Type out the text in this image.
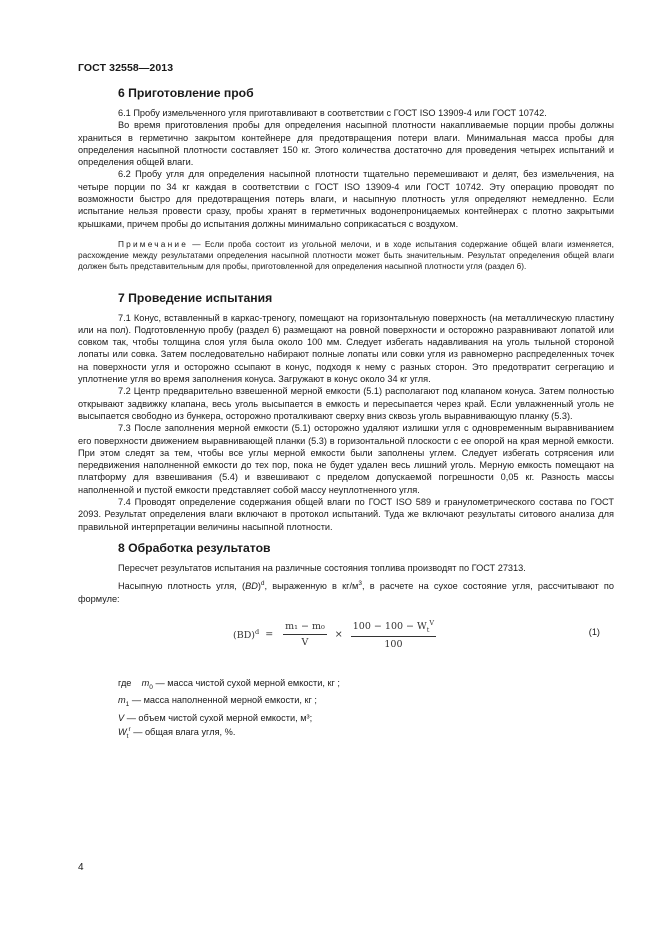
ГОСТ 32558—2013
6 Приготовление проб

6.1 Пробу измельченного угля приготавливают в соответствии с ГОСТ ISO 13909-4 или ГОСТ 10742.

Во время приготовления пробы для определения насыпной плотности накапливаемые порции пробы должны храниться в герметично закрытом контейнере для предотвращения потери влаги. Минимальная масса пробы для определения насыпной плотности составляет 150 кг. Этого количества достаточно для проведения четырех испытаний и определения общей влаги.

6.2 Пробу угля для определения насыпной плотности тщательно перемешивают и делят, без измельчения, на четыре порции по 34 кг каждая в соответствии с ГОСТ ISO 13909-4 или ГОСТ 10742. Эту операцию проводят по возможности быстро для предотвращения потерь влаги, и насыпную плотность угля определяют немедленно. Если испытание нельзя провести сразу, пробы хранят в герметичных водонепроницаемых контейнерах с плотно закрытыми крышками, причем пробы до испытания должны минимально соприкасаться с воздухом.

Примечание — Если проба состоит из угольной мелочи, и в ходе испытания содержание общей влаги изменяется, расхождение между результатами определения насыпной плотности может быть значительным. Результат определения общей влаги должен быть представительным для пробы, приготовленной для определения насыпной плотности угля (раздел 6).

7 Проведение испытания

7.1 Конус, вставленный в каркас-треногу, помещают на горизонтальную поверхность (на металлическую пластину или на пол). Подготовленную пробу (раздел 6) размещают на ровной поверхности и осторожно разравнивают лопатой или совком так, чтобы толщина слоя угля была около 100 мм. Следует избегать надавливания на уголь тыльной стороной лопаты или совка. Затем последовательно набирают полные лопаты или совки угля из равномерно распределенных точек на поверхности угля и осторожно ссыпают в конус, подходя к нему с разных сторон. Это предотвратит сегрегацию и уплотнение угля во время заполнения конуса. Загружают в конус около 34 кг угля.

7.2 Центр предварительно взвешенной мерной емкости (5.1) располагают под клапаном конуса. Затем полностью открывают задвижку клапана, весь уголь высыпается в емкость и пересыпается через край. Если увлажненный уголь не высыпается свободно из бункера, осторожно проталкивают сверху вниз сквозь уголь выравнивающую планку (5.3).

7.3 После заполнения мерной емкости (5.1) осторожно удаляют излишки угля с одновременным выравниванием его поверхности движением выравнивающей планки (5.3) в горизонтальной плоскости с ее опорой на края мерной емкости. При этом следят за тем, чтобы все углы мерной емкости были заполнены углем. Следует избегать сотрясения или передвижения наполненной емкости до тех пор, пока не будет удален весь лишний уголь. Мерную емкость помещают на платформу для взвешивания (5.4) и взвешивают с пределом допускаемой погрешности 0,05 кг. Разность массы наполненной и пустой емкости представляет собой массу неуплотненного угля.

7.4 Проводят определение содержания общей влаги по ГОСТ ISO 589 и гранулометрического состава по ГОСТ 2093. Результат определения влаги включают в протокол испытаний. Туда же включают результаты ситового анализа для правильной интерпретации величины насыпной плотности.

8 Обработка результатов

Пересчет результатов испытания на различные состояния топлива производят по ГОСТ 27313.

Насыпную плотность угля, (BD)$^d$, выраженную в $кг/м^3$, в расчете на сухое состояние угля, рассчитывают по формуле:

$(BD)^d = \frac{\text{m₁ − m₀}}{V} \times \frac{100 - 100 - W_t^V}{100}$	(1)
где $m_0$ — масса чистой сухой мерной емкости, кг ;
$m_1$ — масса наполненной мерной емкости, кг ;
V — объем чистой сухой мерной емкости, м³;
$W_t^r$ — общая влага угля, %.
4
